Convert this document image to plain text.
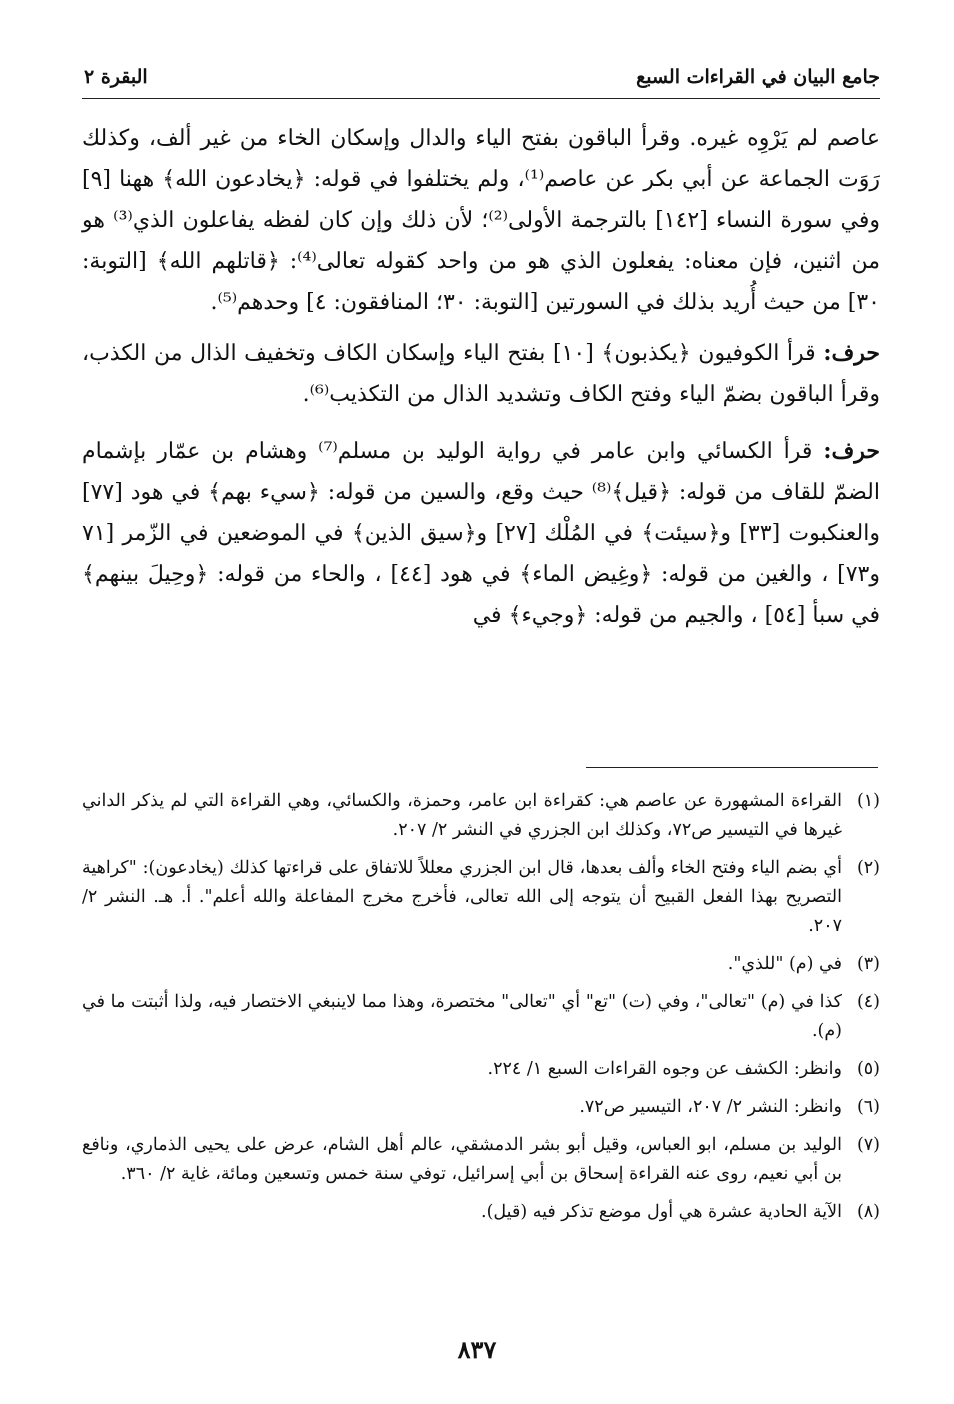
جامع البيان في القراءات السبع
البقرة ٢

عاصم لم يَرْوِه غيره. وقرأ الباقون بفتح الياء والدال وإسكان الخاء من غير ألف، وكذلك رَوَت الجماعة عن أبي بكر عن عاصم⁽¹⁾، ولم يختلفوا في قوله: ﴿يخادعون الله﴾ ههنا [٩] وفي سورة النساء [١٤٢] بالترجمة الأولى⁽²⁾؛ لأن ذلك وإن كان لفظه يفاعلون الذي⁽³⁾ هو من اثنين، فإن معناه: يفعلون الذي هو من واحد كقوله تعالى⁽⁴⁾: ﴿قاتلهم الله﴾ [التوبة: ٣٠] من حيث أُريد بذلك في السورتين [التوبة: ٣٠؛ المنافقون: ٤] وحدهم⁽⁵⁾.

حرف: قرأ الكوفيون ﴿يكذبون﴾ [١٠] بفتح الياء وإسكان الكاف وتخفيف الذال من الكذب، وقرأ الباقون بضمّ الياء وفتح الكاف وتشديد الذال من التكذيب⁽⁶⁾.

حرف: قرأ الكسائي وابن عامر في رواية الوليد بن مسلم⁽⁷⁾ وهشام بن عمّار بإشمام الضمّ للقاف من قوله: ﴿قيل﴾⁽⁸⁾ حيث وقع، والسين من قوله: ﴿سيء بهم﴾ في هود [٧٧] والعنكبوت [٣٣] و﴿سيئت﴾ في المُلْك [٢٧] و﴿سيق الذين﴾ في الموضعين في الزّمر [٧١ و٧٣] ، والغين من قوله: ﴿وغِيض الماء﴾ في هود [٤٤] ، والحاء من قوله: ﴿وحِيلَ بينهم﴾ في سبأ [٥٤] ، والجيم من قوله: ﴿وجيء﴾ في

(١)
القراءة المشهورة عن عاصم هي: كقراءة ابن عامر، وحمزة، والكسائي، وهي القراءة التي لم يذكر الداني غيرها في التيسير ص٧٢، وكذلك ابن الجزري في النشر ٢/ ٢٠٧.
(٢)
أي بضم الياء وفتح الخاء وألف بعدها، قال ابن الجزري معللاً للاتفاق على قراءتها كذلك (يخادعون): "كراهية التصريح بهذا الفعل القبيح أن يتوجه إلى الله تعالى، فأخرج مخرج المفاعلة والله أعلم". أ. هـ. النشر ٢/ ٢٠٧.
(٣)
في (م) "للذي".
(٤)
كذا في (م) "تعالى"، وفي (ت) "تع" أي "تعالى" مختصرة، وهذا مما لاينبغي الاختصار فيه، ولذا أثبتت ما في (م).
(٥)
وانظر: الكشف عن وجوه القراءات السبع ١/ ٢٢٤.
(٦)
وانظر: النشر ٢/ ٢٠٧، التيسير ص٧٢.
(٧)
الوليد بن مسلم، ابو العباس، وقيل أبو بشر الدمشقي، عالم أهل الشام، عرض على يحيى الذماري، ونافع بن أبي نعيم، روى عنه القراءة إسحاق بن أبي إسرائيل، توفي سنة خمس وتسعين ومائة، غاية ٢/ ٣٦٠.
(٨)
الآية الحادية عشرة هي أول موضع تذكر فيه (قيل).
٨٣٧
